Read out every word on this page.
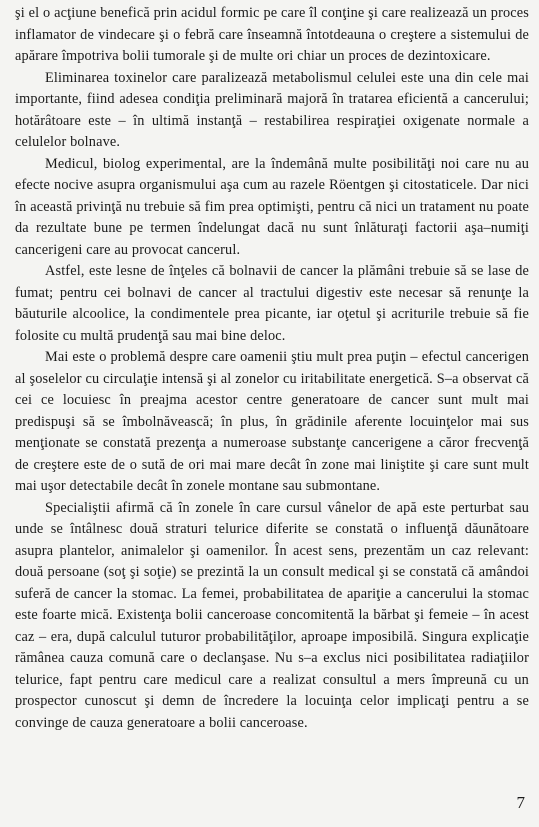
şi el o acţiune benefică prin acidul formic pe care îl conţine şi care realizează un proces inflamator de vindecare şi o febră care înseamnă întotdeauna o creştere a sistemului de apărare împotriva bolii tumorale şi de multe ori chiar un proces de dezintoxicare.

Eliminarea toxinelor care paralizează metabolismul celulei este una din cele mai importante, fiind adesea condiţia preliminară majoră în tratarea eficientă a cancerului; hotărâtoare este – în ultimă instanţă – restabilirea respiraţiei oxigenate normale a celulelor bolnave.

Medicul, biolog experimental, are la îndemână multe posibilităţi noi care nu au efecte nocive asupra organismului aşa cum au razele Röentgen şi citostaticele. Dar nici în această privinţă nu trebuie să fim prea optimişti, pentru că nici un tratament nu poate da rezultate bune pe termen îndelungat dacă nu sunt înlăturaţi factorii aşa–numiţi cancerigeni care au provocat cancerul.

Astfel, este lesne de înţeles că bolnavii de cancer la plămâni trebuie să se lase de fumat; pentru cei bolnavi de cancer al tractului digestiv este necesar să renunţe la băuturile alcoolice, la condimentele prea picante, iar oţetul şi acriturile trebuie să fie folosite cu multă prudenţă sau mai bine deloc.

Mai este o problemă despre care oamenii ştiu mult prea puţin – efectul cancerigen al şoselelor cu circulaţie intensă şi al zonelor cu iritabilitate energetică. S–a observat că cei ce locuiesc în preajma acestor centre generatoare de cancer sunt mult mai predispuşi să se îmbolnăvească; în plus, în grădinile aferente locuinţelor mai sus menţionate se constată prezenţa a numeroase substanţe cancerigene a căror frecvenţă de creştere este de o sută de ori mai mare decât în zone mai liniştite şi care sunt mult mai uşor detectabile decât în zonele montane sau submontane.

Specialiştii afirmă că în zonele în care cursul vânelor de apă este perturbat sau unde se întâlnesc două straturi telurice diferite se constată o influenţă dăunătoare asupra plantelor, animalelor şi oamenilor. În acest sens, prezentăm un caz relevant: două persoane (soţ şi soţie) se prezintă la un consult medical şi se constată că amândoi suferă de cancer la stomac. La femei, probabilitatea de apariţie a cancerului la stomac este foarte mică. Existenţa bolii canceroase concomitentă la bărbat şi femeie – în acest caz – era, după calculul tuturor probabilităţilor, aproape imposibilă. Singura explicaţie rămânea cauza comună care o declanşase. Nu s–a exclus nici posibilitatea radiaţiilor telurice, fapt pentru care medicul care a realizat consultul a mers împreună cu un prospector cunoscut şi demn de încredere la locuinţa celor implicaţi pentru a se convinge de cauza generatoare a bolii canceroase.

7
